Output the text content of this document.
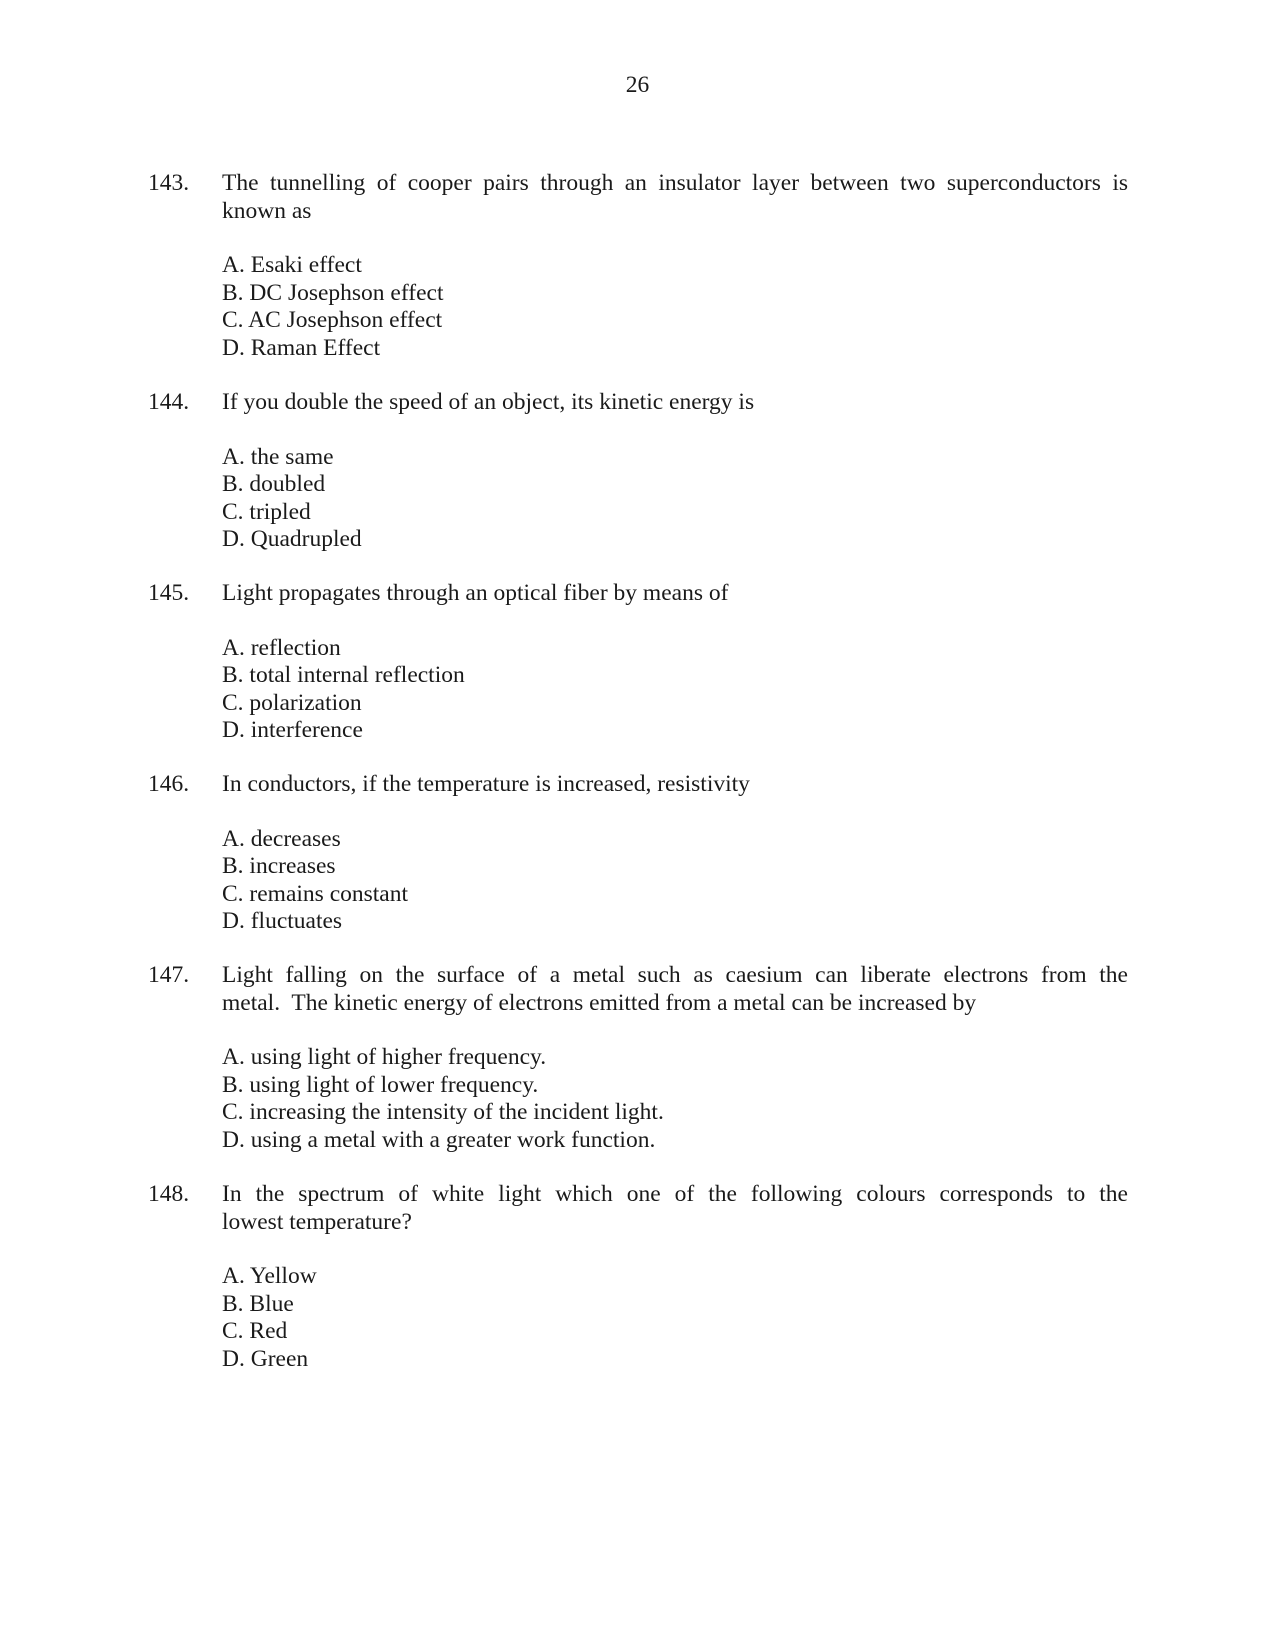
26
143.	The tunnelling of cooper pairs through an insulator layer between two superconductors is
known as
A. Esaki effect
B. DC Josephson effect
C. AC Josephson effect
D. Raman Effect
144.	If you double the speed of an object, its kinetic energy is
A. the same
B. doubled
C. tripled
D. Quadrupled
145.	Light propagates through an optical fiber by means of
A. reflection
B. total internal reflection
C. polarization
D. interference
146.	In conductors, if the temperature is increased, resistivity
A. decreases
B. increases
C. remains constant
D. fluctuates
147.	Light falling on the surface of a metal such as caesium can liberate electrons from the
metal.  The kinetic energy of electrons emitted from a metal can be increased by
A. using light of higher frequency.
B. using light of lower frequency.
C. increasing the intensity of the incident light.
D. using a metal with a greater work function.
148.	In the spectrum of white light which one of the following colours corresponds to the
lowest temperature?
A. Yellow
B. Blue
C. Red
D. Green
